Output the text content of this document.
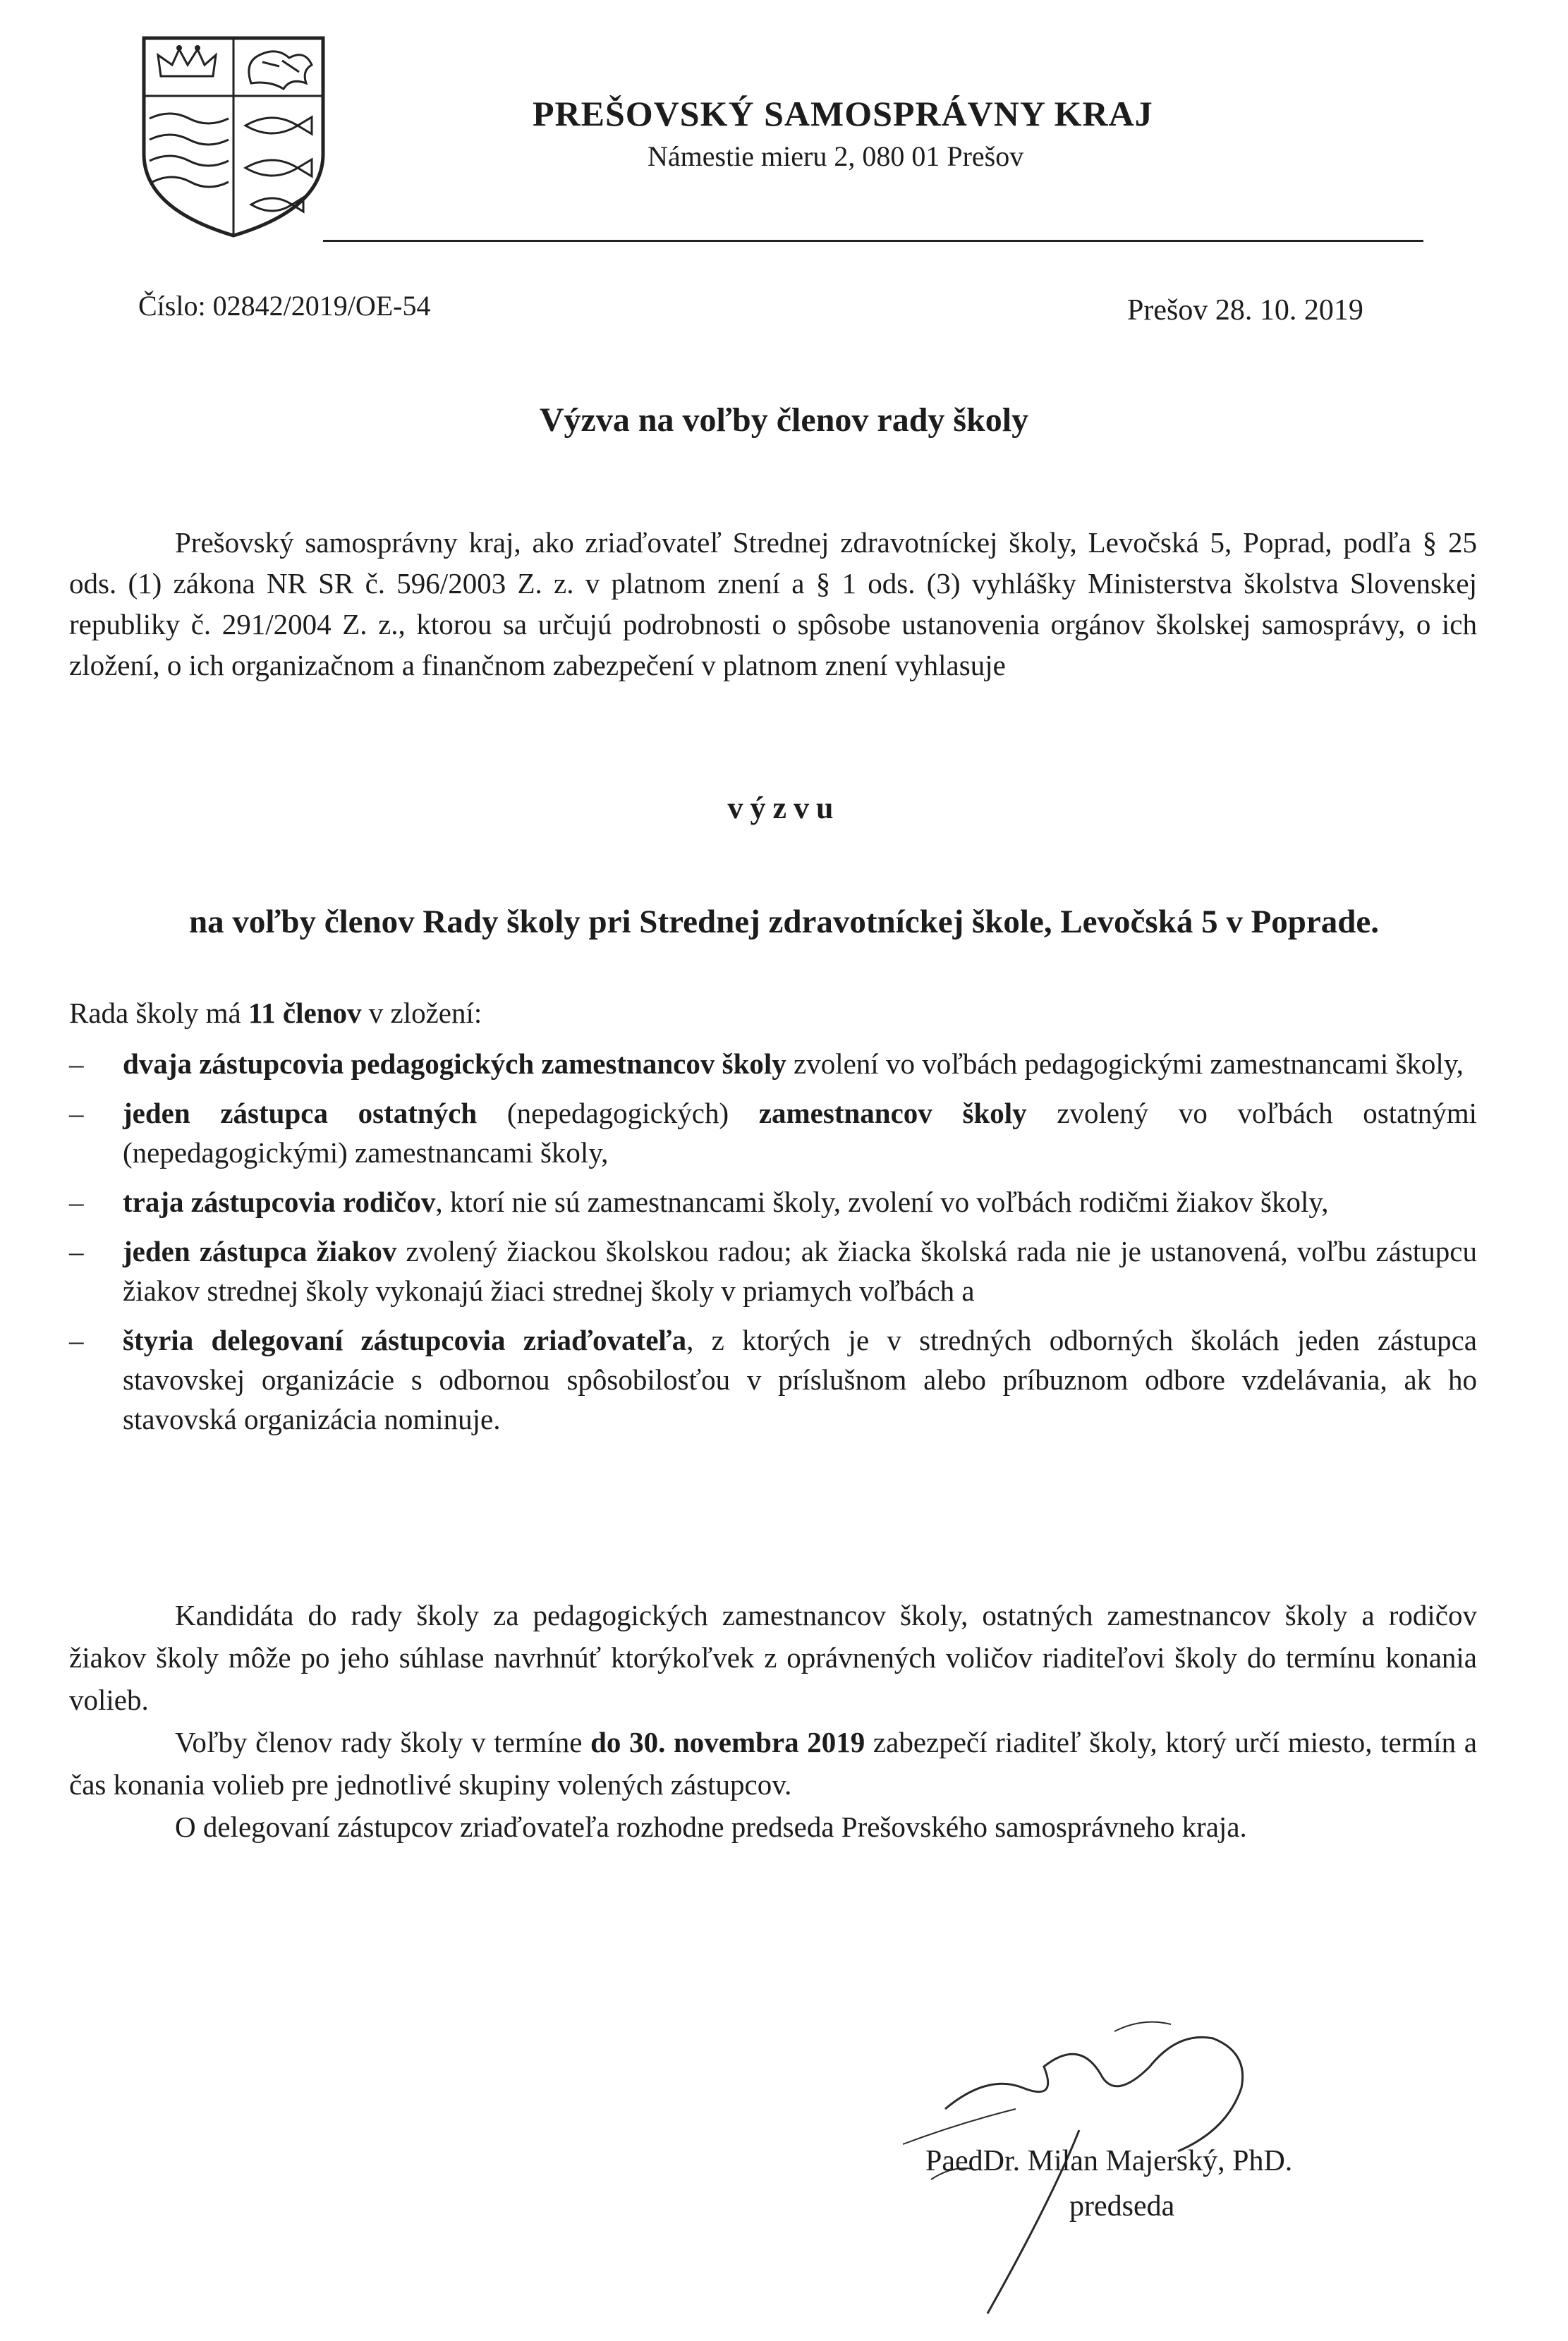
PREŠOVSKÝ SAMOSPRÁVNY KRAJ
Námestie mieru 2, 080 01 Prešov
Číslo: 02842/2019/OE-54	Prešov 28. 10. 2019
Výzva na voľby členov rady školy
Prešovský samosprávny kraj, ako zriaďovateľ Strednej zdravotníckej školy, Levočská 5, Poprad, podľa § 25 ods. (1) zákona NR SR č. 596/2003 Z. z. v platnom znení a § 1 ods. (3) vyhlášky Ministerstva školstva Slovenskej republiky č. 291/2004 Z. z., ktorou sa určujú podrobnosti o spôsobe ustanovenia orgánov školskej samosprávy, o ich zložení, o ich organizačnom a finančnom zabezpečení v platnom znení vyhlasuje
výzvu
na voľby členov Rady školy pri Strednej zdravotníckej škole, Levočská 5 v Poprade.
Rada školy má 11 členov v zložení:
– dvaja zástupcovia pedagogických zamestnancov školy zvolení vo voľbách pedagogickými zamestnancami školy,
– jeden zástupca ostatných (nepedagogických) zamestnancov školy zvolený vo voľbách ostatnými (nepedagogickými) zamestnancami školy,
– traja zástupcovia rodičov, ktorí nie sú zamestnancami školy, zvolení vo voľbách rodičmi žiakov školy,
– jeden zástupca žiakov zvolený žiackou školskou radou; ak žiacka školská rada nie je ustanovená, voľbu zástupcu žiakov strednej školy vykonajú žiaci strednej školy v priamych voľbách a
– štyria delegovaní zástupcovia zriaďovateľa, z ktorých je v stredných odborných školách jeden zástupca stavovskej organizácie s odbornou spôsobilosťou v príslušnom alebo príbuznom odbore vzdelávania, ak ho stavovská organizácia nominuje.
Kandidáta do rady školy za pedagogických zamestnancov školy, ostatných zamestnancov školy a rodičov žiakov školy môže po jeho súhlase navrhnúť ktorýkoľvek z oprávnených voličov riaditeľovi školy do termínu konania volieb.
Voľby členov rady školy v termíne do 30. novembra 2019 zabezpečí riaditeľ školy, ktorý určí miesto, termín a čas konania volieb pre jednotlivé skupiny volených zástupcov.
O delegovaní zástupcov zriaďovateľa rozhodne predseda Prešovského samosprávneho kraja.
PaedDr. Milan Majerský, PhD.
predseda
